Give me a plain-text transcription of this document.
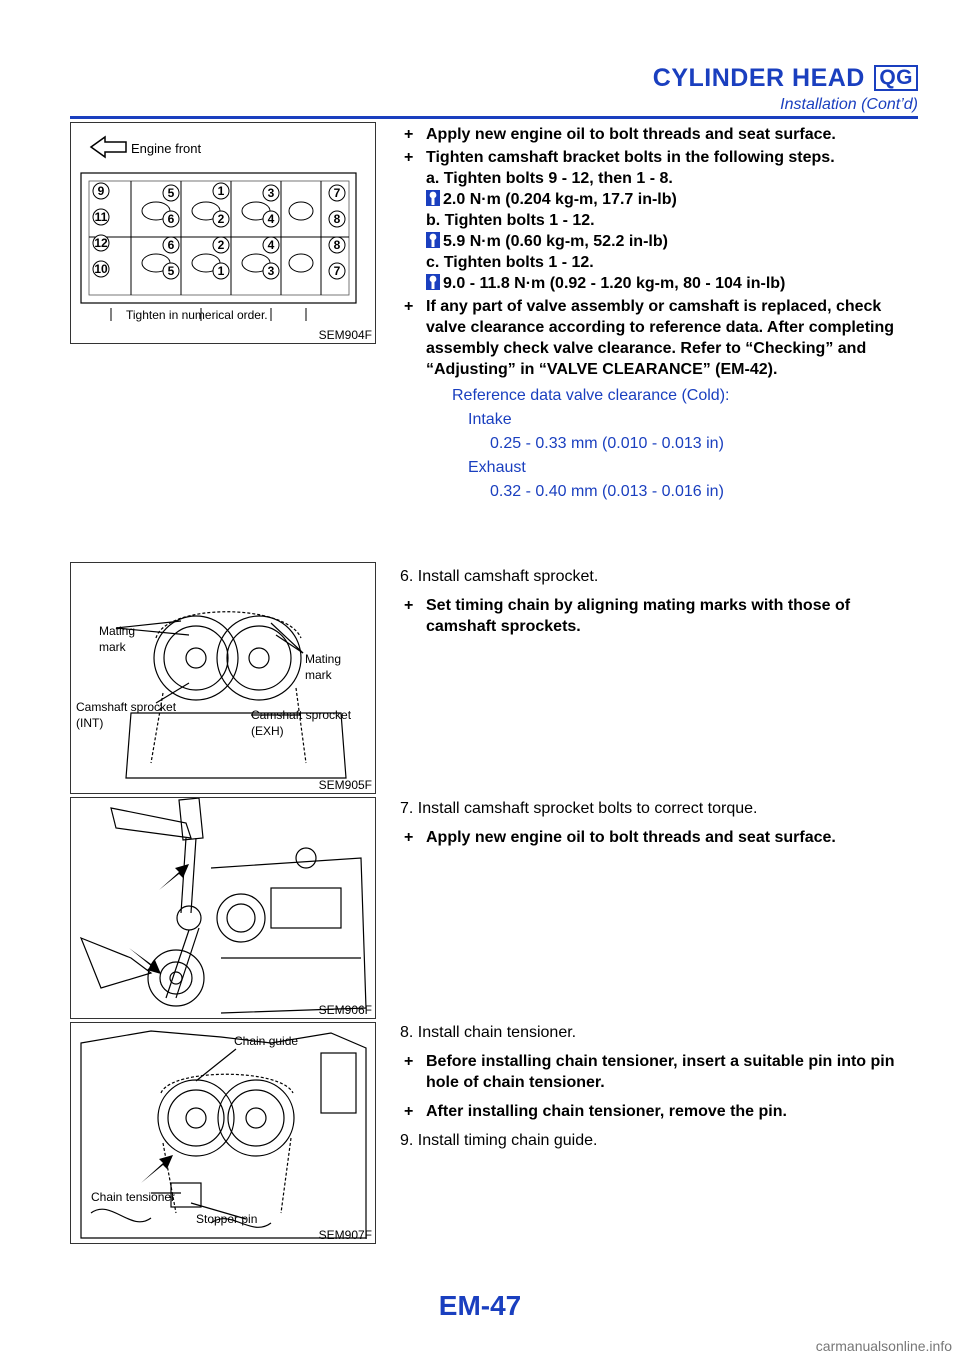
CYLINDER HEAD QG
Installation (Cont’d)
Engine front
9
11
12
10
5
6
6
5
1
2
2
1
3
4
4
3
7
8
8
7
Tighten in numerical order.
SEM904F
Mating
mark
Mating
mark
Camshaft sprocket
(INT)
Camshaft sprocket
(EXH)
SEM905F
SEM906F
Chain guide
Chain tensioner
Stopper pin
SEM907F
+ Apply new engine oil to bolt threads and seat surface.
+ Tighten camshaft bracket bolts in the following steps.
a. Tighten bolts 9 - 12, then 1 - 8.
2.0 N·m (0.204 kg-m, 17.7 in-lb)
b. Tighten bolts 1 - 12.
5.9 N·m (0.60 kg-m, 52.2 in-lb)
c. Tighten bolts 1 - 12.
9.0 - 11.8 N·m (0.92 - 1.20 kg-m, 80 - 104 in-lb)
+ If any part of valve assembly or camshaft is replaced, check valve clearance according to reference data. After completing assembly check valve clearance. Refer to “Checking” and “Adjusting” in “VALVE CLEARANCE” (EM-42).
Reference data valve clearance (Cold):
Intake
0.25 - 0.33 mm (0.010 - 0.013 in)
Exhaust
0.32 - 0.40 mm (0.013 - 0.016 in)
6. Install camshaft sprocket.
+ Set timing chain by aligning mating marks with those of camshaft sprockets.
7. Install camshaft sprocket bolts to correct torque.
+ Apply new engine oil to bolt threads and seat surface.
8. Install chain tensioner.
+ Before installing chain tensioner, insert a suitable pin into pin hole of chain tensioner.
+ After installing chain tensioner, remove the pin.
9. Install timing chain guide.
EM-47
carmanualsonline.info
